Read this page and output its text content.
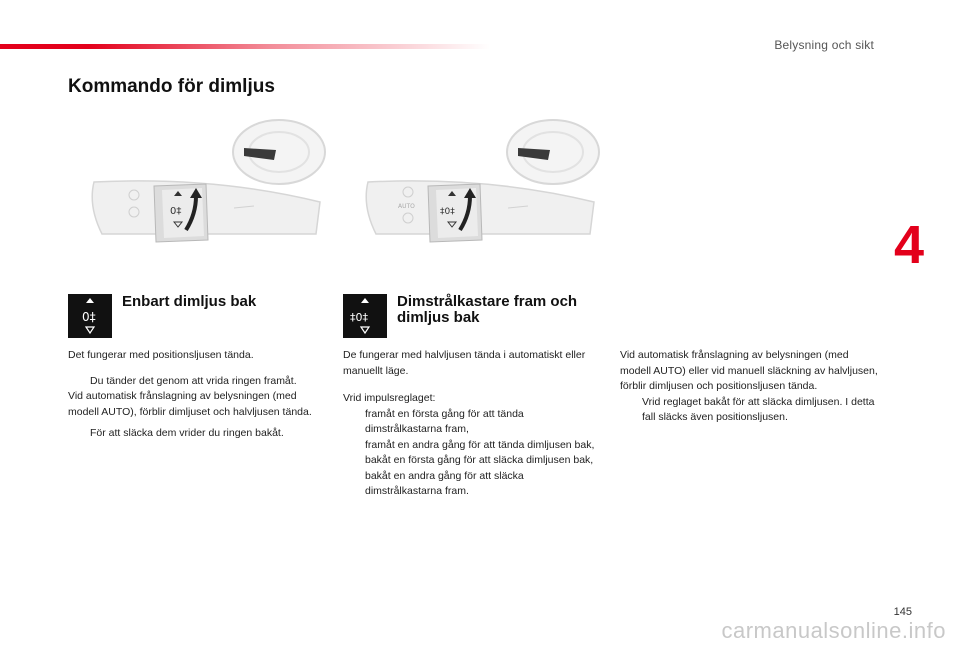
Belysning och sikt
4
Kommando för dimljus
0‡	AUTO
‡0‡
0‡
Enbart dimljus bak
‡0‡
Dimstrålkastare fram och dimljus bak

Det fungerar med positionsljusen tända.

Du tänder det genom att vrida ringen framåt.

Vid automatisk frånslagning av belysningen (med modell AUTO), förblir dimljuset och halvljusen tända.

För att släcka dem vrider du ringen bakåt.

De fungerar med halvljusen tända i automatiskt eller manuellt läge.

Vrid impulsreglaget:

framåt en första gång för att tända dimstrålkastarna fram,
framåt en andra gång för att tända dimljusen bak,
bakåt en första gång för att släcka dimljusen bak,
bakåt en andra gång för att släcka dimstrålkastarna fram.

Vid automatisk frånslagning av belysningen (med modell AUTO) eller vid manuell släckning av halvljusen, förblir dimljusen och positionsljusen tända.

Vrid reglaget bakåt för att släcka dimljusen. I detta fall släcks även positionsljusen.
145
carmanualsonline.info
